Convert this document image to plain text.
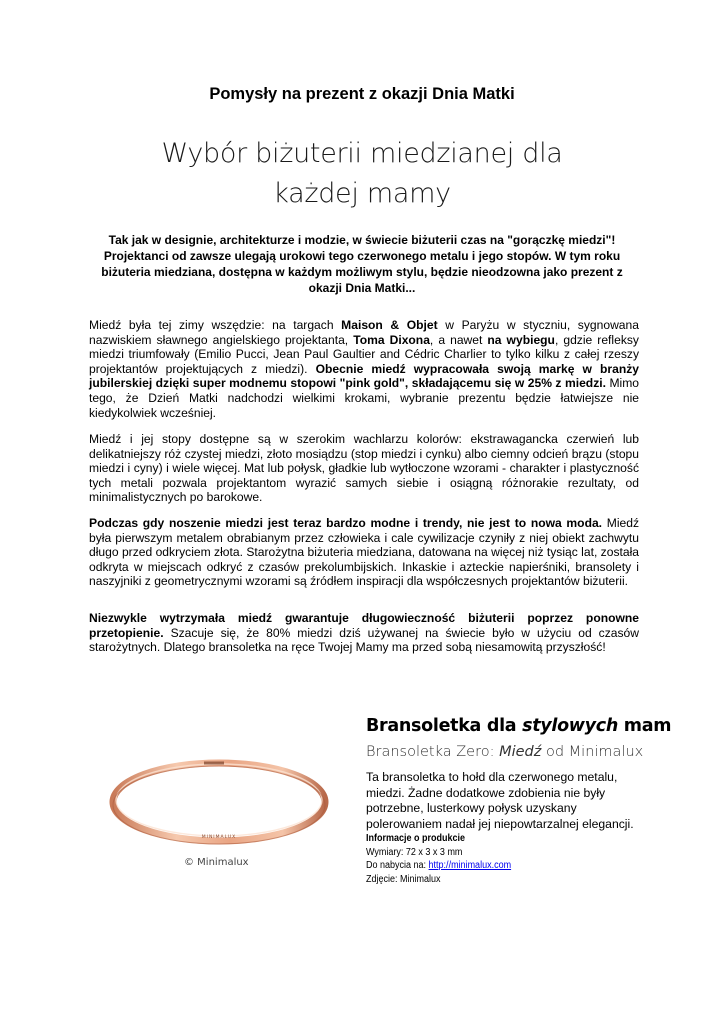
Pomysły na prezent z okazji Dnia Matki
Wybór biżuterii miedzianej dla każdej mamy
Tak jak w designie, architekturze i modzie, w świecie biżuterii czas na "gorączkę miedzi"! Projektanci od zawsze ulegają urokowi tego czerwonego metalu i jego stopów. W tym roku biżuteria miedziana, dostępna w każdym możliwym stylu, będzie nieodzowna jako prezent z okazji Dnia Matki...
Miedź była tej zimy wszędzie: na targach Maison & Objet w Paryżu w styczniu, sygnowana nazwiskiem sławnego angielskiego projektanta, Toma Dixona, a nawet na wybiegu, gdzie refleksy miedzi triumfowały (Emilio Pucci, Jean Paul Gaultier and Cédric Charlier to tylko kilku z całej rzeszy projektantów projektujących z miedzi). Obecnie miedź wypracowała swoją markę w branży jubilerskiej dzięki super modnemu stopowi "pink gold", składającemu się w 25% z miedzi. Mimo tego, że Dzień Matki nadchodzi wielkimi krokami, wybranie prezentu będzie łatwiejsze nie kiedykolwiek wcześniej.
Miedź i jej stopy dostępne są w szerokim wachlarzu kolorów: ekstrawagancka czerwień lub delikatniejszy róż czystej miedzi, złoto mosiądzu (stop miedzi i cynku) albo ciemny odcień brązu (stopu miedzi i cyny) i wiele więcej. Mat lub połysk, gładkie lub wytłoczone wzorami - charakter i plastyczność tych metali pozwala projektantom wyrazić samych siebie i osiągną różnorakie rezultaty, od minimalistycznych po barokowe.
Podczas gdy noszenie miedzi jest teraz bardzo modne i trendy, nie jest to nowa moda. Miedź była pierwszym metalem obrabianym przez człowieka i cale cywilizacje czyniły z niej obiekt zachwytu długo przed odkryciem złota. Starożytna biżuteria miedziana, datowana na więcej niż tysiąc lat, została odkryta w miejscach odkryć z czasów prekolumbijskich. Inkaskie i azteckie napierśniki, bransolety i naszyjniki z geometrycznymi wzorami są źródłem inspiracji dla współczesnych projektantów biżuterii.
Niezwykle wytrzymała miedź gwarantuje długowieczność biżuterii poprzez ponowne przetopienie. Szacuje się, że 80% miedzi dziś używanej na świecie było w użyciu od czasów starożytnych. Dlatego bransoletka na ręce Twojej Mamy ma przed sobą niesamowitą przyszłość!
MINIMALUX
© Minimalux
Bransoletka dla stylowych mam
Bransoletka Zero: Miedź od Minimalux
Ta bransoletka to hołd dla czerwonego metalu, miedzi. Żadne dodatkowe zdobienia nie były potrzebne, lusterkowy połysk uzyskany polerowaniem nadał jej niepowtarzalnej elegancji.
Informacje o produkcie
Wymiary: 72 x 3 x 3 mm
Do nabycia na: http://minimalux.com
Zdjęcie: Minimalux
